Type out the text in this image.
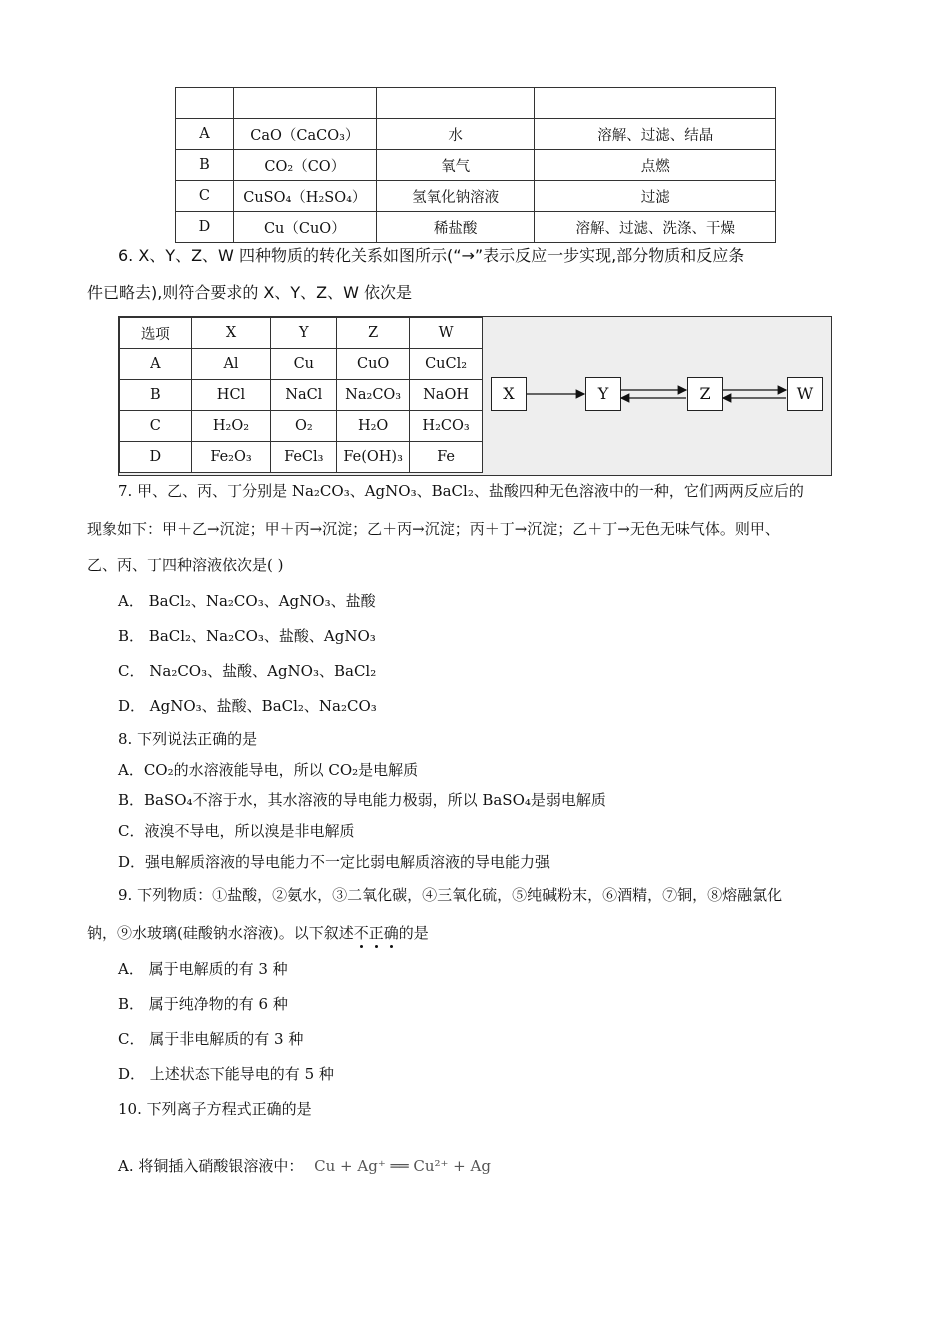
A	CaO（CaCO₃）	水	溶解、过滤、结晶
B	CO₂（CO）	氧气	点燃
C	CuSO₄（H₂SO₄）	氢氧化钠溶液	过滤
D	Cu（CuO）	稀盐酸	溶解、过滤、洗涤、干燥
6. X、Y、Z、W 四种物质的转化关系如图所示(“→”表示反应一步实现,部分物质和反应条
件已略去),则符合要求的 X、Y、Z、W 依次是
选项	X	Y	Z	W
A	Al	Cu	CuO	CuCl₂
B	HCl	NaCl	Na₂CO₃	NaOH
C	H₂O₂	O₂	H₂O	H₂CO₃
D	Fe₂O₃	FeCl₃	Fe(OH)₃	Fe
X	Y	Z	W
7. 甲、乙、丙、丁分别是 Na₂CO₃、AgNO₃、BaCl₂、盐酸四种无色溶液中的一种，它们两两反应后的
现象如下：甲＋乙→沉淀；甲＋丙→沉淀；乙＋丙→沉淀；丙＋丁→沉淀；乙＋丁→无色无味气体。则甲、
乙、丙、丁四种溶液依次是( )
A． BaCl₂、Na₂CO₃、AgNO₃、盐酸
B． BaCl₂、Na₂CO₃、盐酸、AgNO₃
C． Na₂CO₃、盐酸、AgNO₃、BaCl₂
D． AgNO₃、盐酸、BaCl₂、Na₂CO₃
8. 下列说法正确的是
A．CO₂的水溶液能导电，所以 CO₂是电解质
B．BaSO₄不溶于水，其水溶液的导电能力极弱，所以 BaSO₄是弱电解质
C．液溴不导电，所以溴是非电解质
D．强电解质溶液的导电能力不一定比弱电解质溶液的导电能力强
9. 下列物质：①盐酸，②氨水，③二氧化碳，④三氧化硫，⑤纯碱粉末，⑥酒精，⑦铜，⑧熔融氯化
钠，⑨水玻璃(硅酸钠水溶液)。以下叙述不正确
的是
A． 属于电解质的有 3 种
B． 属于纯净物的有 6 种
C． 属于非电解质的有 3 种
D． 上述状态下能导电的有 5 种
10. 下列离子方程式正确的是
A. 将铜插入硝酸银溶液中： Cu + Ag⁺ ══ Cu²⁺ + Ag
